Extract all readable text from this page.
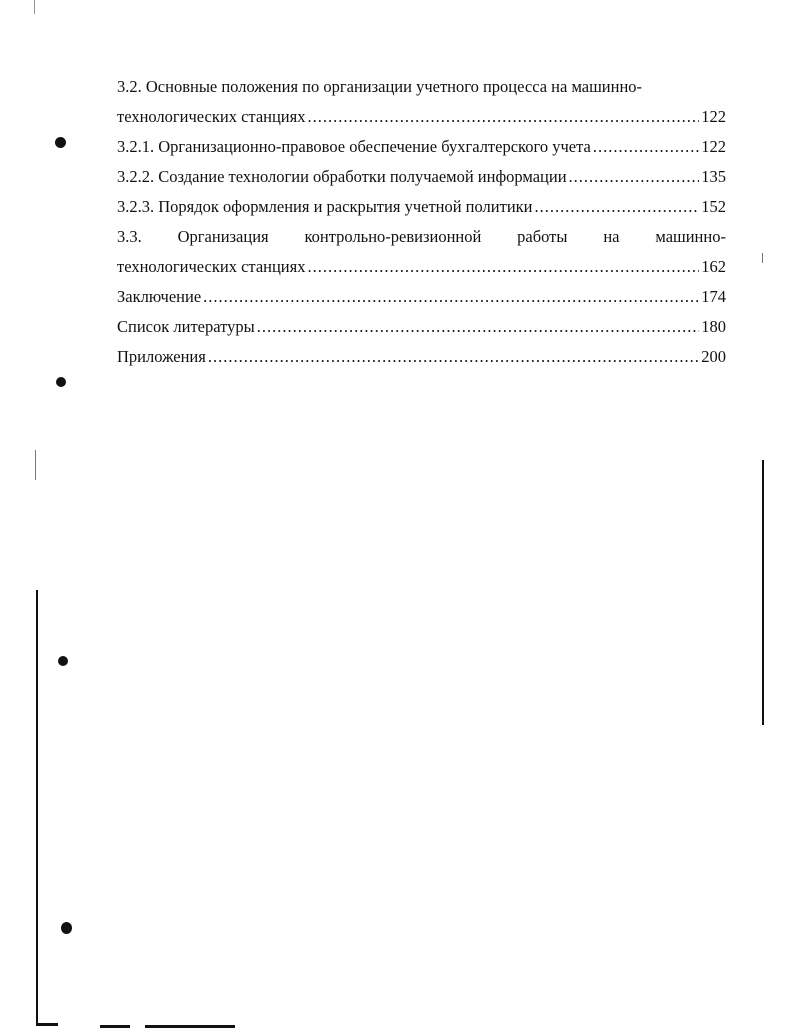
3.2. Основные положения по организации учетного процесса на машинно-
технологических станциях .....	122
3.2.1. Организационно-правовое обеспечение бухгалтерского учета .....	122
3.2.2. Создание технологии обработки получаемой информации .....	135
3.2.3. Порядок оформления и раскрытия учетной политики .....	152
3.3. Организация контрольно-ревизионной работы на машинно-
технологических станциях .....	162
Заключение .....	174
Список литературы .....	180
Приложения .....	200
